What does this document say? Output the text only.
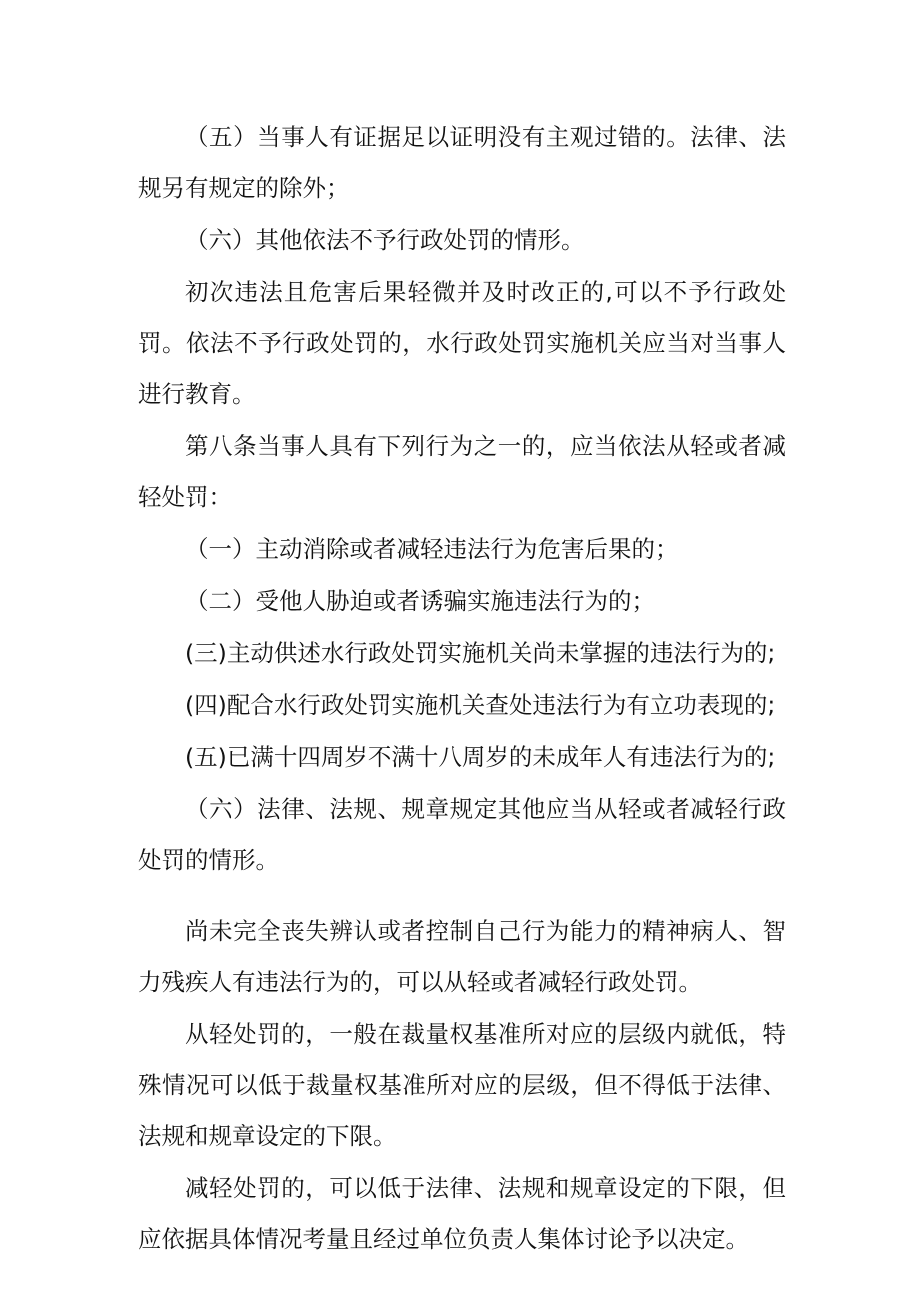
（五）当事人有证据足以证明没有主观过错的。法律、法规另有规定的除外；

（六）其他依法不予行政处罚的情形。

初次违法且危害后果轻微并及时改正的,可以不予行政处罚。依法不予行政处罚的，水行政处罚实施机关应当对当事人进行教育。

第八条当事人具有下列行为之一的，应当依法从轻或者减轻处罚：

（一）主动消除或者减轻违法行为危害后果的；

（二）受他人胁迫或者诱骗实施违法行为的；

(三)主动供述水行政处罚实施机关尚未掌握的违法行为的;

(四)配合水行政处罚实施机关查处违法行为有立功表现的;

(五)已满十四周岁不满十八周岁的未成年人有违法行为的;

（六）法律、法规、规章规定其他应当从轻或者减轻行政处罚的情形。

尚未完全丧失辨认或者控制自己行为能力的精神病人、智力残疾人有违法行为的，可以从轻或者减轻行政处罚。

从轻处罚的，一般在裁量权基准所对应的层级内就低，特殊情况可以低于裁量权基准所对应的层级，但不得低于法律、法规和规章设定的下限。

减轻处罚的，可以低于法律、法规和规章设定的下限，但应依据具体情况考量且经过单位负责人集体讨论予以决定。
